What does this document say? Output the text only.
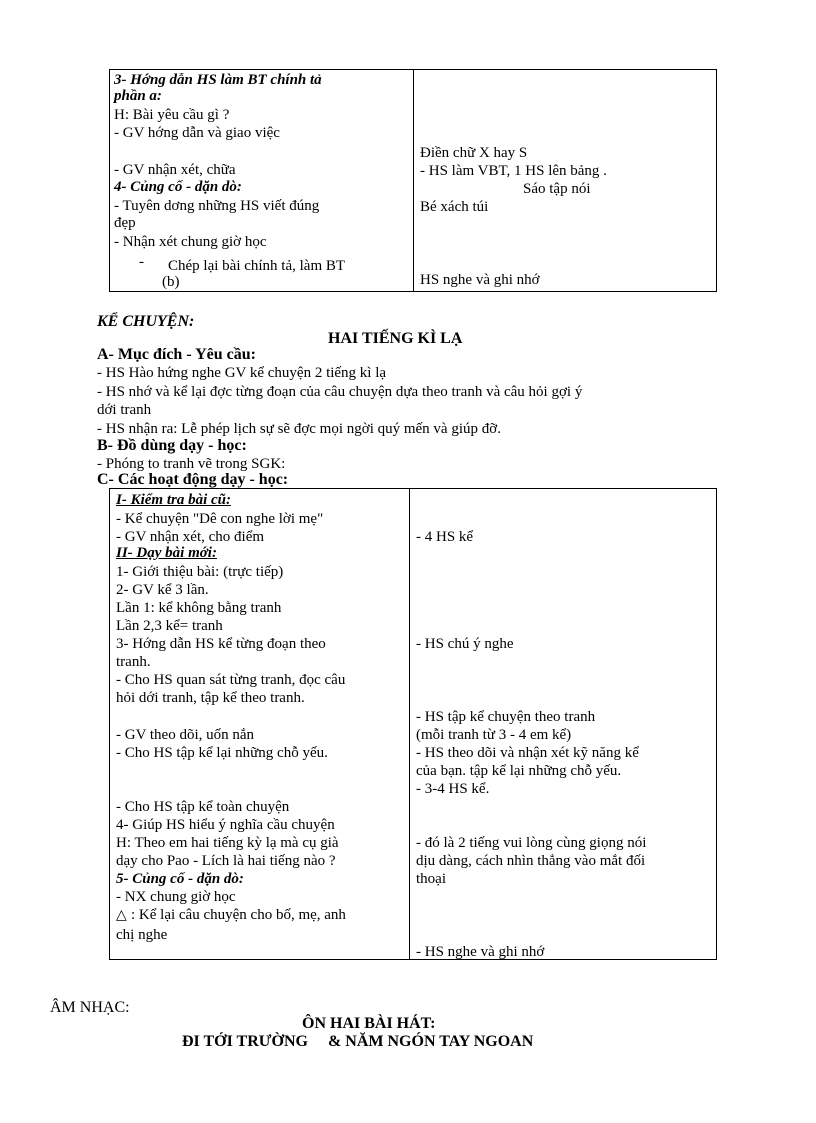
3- Hớng dẫn HS làm BT chính tả
phần a:
H: Bài yêu cầu gì ?
- GV hớng dẫn và giao việc
- GV nhận xét, chữa
4- Củng cố - dặn dò:
- Tuyên dơng những HS viết đúng
đẹp
- Nhận xét chung giờ học
- Chép lại bài chính tả, làm BT
(b)
Điền chữ X hay S
- HS làm VBT, 1 HS lên bảng .
Sáo tập nói
Bé xách túi
HS nghe và ghi nhớ
KỂ CHUYỆN:
HAI TIẾNG KÌ LẠ
A- Mục đích - Yêu cầu:
- HS Hào hứng nghe GV kể chuyện 2 tiếng kì lạ
- HS nhớ và kể lại đợc từng đoạn của câu chuyện dựa theo tranh và câu hỏi gợi ý
dới tranh
- HS nhận ra: Lễ phép lịch sự sẽ đợc mọi ngời quý mến và giúp đỡ.
B- Đồ dùng dạy - học:
- Phóng to tranh vẽ trong SGK:
C- Các hoạt động dạy - học:
I- Kiểm tra bài cũ:
- Kể chuyện "Dê con nghe lời mẹ"
- GV nhận xét, cho điểm
II- Dạy bài mới:
1- Giới thiệu bài: (trực tiếp)
2- GV kể 3 lần.
Lần 1: kể không bằng tranh
Lần 2,3 kể= tranh
3- Hớng dẫn HS kể từng đoạn theo
tranh.
- Cho HS quan sát từng tranh, đọc câu
hỏi dới tranh, tập kể theo tranh.
- GV theo dõi, uốn nắn
- Cho HS tập kể lại những chỗ yếu.
- Cho HS tập kể toàn chuyện
4- Giúp HS hiểu ý nghĩa cầu chuyện
H: Theo em hai tiếng kỳ lạ mà cụ già
dạy cho Pao - Lích là hai tiếng nào ?
5- Củng cố - dặn dò:
- NX chung giờ học
△ : Kể lại câu chuyện cho bố, mẹ, anh
chị nghe
- 4 HS kể
- HS chú ý nghe
- HS tập kể chuyện theo tranh
(mỗi tranh từ 3 - 4 em kể)
- HS theo dõi và nhận xét kỹ năng kể
của bạn. tập kể lại những chỗ yếu.
- 3-4 HS kể.
- đó là 2 tiếng vui lòng cùng giọng nói
dịu dàng, cách nhìn thẳng vào mắt đối
thoại
- HS nghe và ghi nhớ
ÂM NHẠC:
ÔN HAI BÀI HÁT:
ĐI TỚI TRƯỜNG     & NĂM NGÓN TAY NGOAN
